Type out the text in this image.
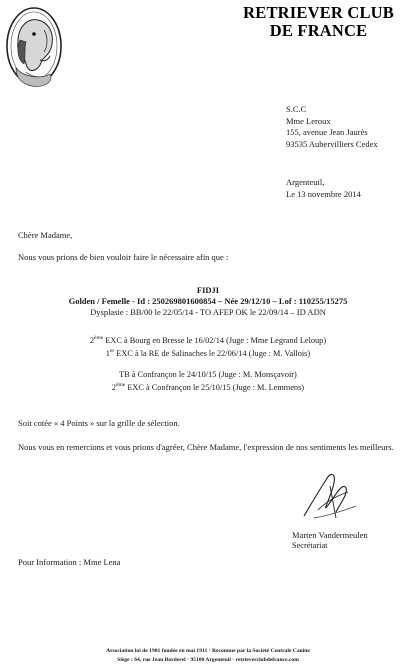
RETRIEVER CLUB
DE FRANCE
S.C.C
Mme Leroux
155, avenue Jean Jaurès
93535 Aubervilliers Cedex
Argenteuil,
Le 13 novembre 2014
Chère Madame,
Nous vous prions de bien vouloir faire le nécessaire afin que :
FIDJI
Golden / Femelle - Id : 250269801600854 – Née 29/12/10 – Lof : 110255/15275
Dysplasie : BB/00 le 22/05/14 - TO AFEP OK le 22/09/14 – ID ADN
2ème EXC à Bourg en Bresse le 16/02/14 (Juge : Mme Legrand Leloup)
1er EXC à la RE de Salinaches le 22/06/14 (Juge : M. Vallois)
TB à Confrançon le 24/10/15 (Juge : M. Monsçavoir)
2ème EXC à Confrançon le 25/10/15 (Juge : M. Lemmens)
Soit cotée « 4 Points » sur la grille de sélection.
Nous vous en remercions et vous prions d'agréer, Chère Madame, l'expression de nos sentiments les meilleurs.
Marten Vandermeulen
Secrétariat
Pour Information : Mme Lena
Association loi de 1901 fondée en mai 1911 · Reconnue par la Société Centrale Canine
Siège : 64, rue Jean Borderel · 95100 Argenteuil · retrieverclubdefrance.com
